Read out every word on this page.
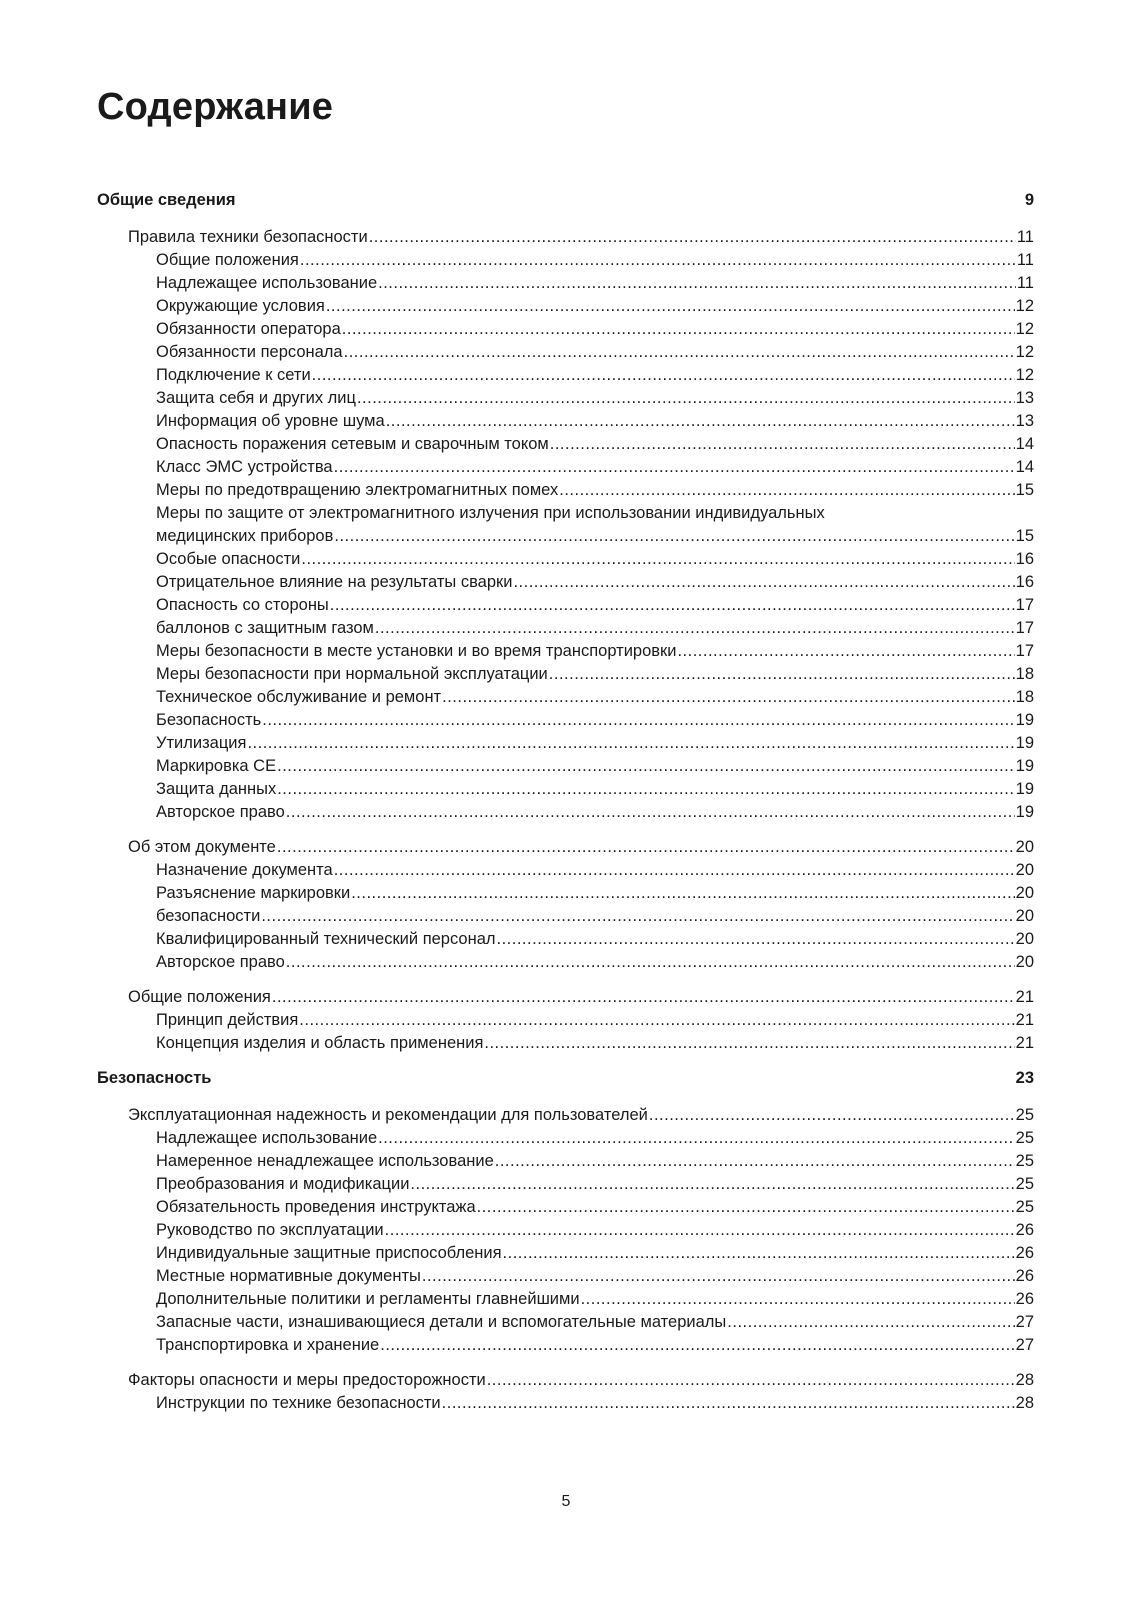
Содержание
Общие сведения	9
Правила техники безопасности .....	11
Общие положения .....	11
Надлежащее использование .....	11
Окружающие условия .....	12
Обязанности оператора .....	12
Обязанности персонала .....	12
Подключение к сети .....	12
Защита себя и других лиц .....	13
Информация об уровне шума .....	13
Опасность поражения сетевым и сварочным током .....	14
Класс ЭМС устройства .....	14
Меры по предотвращению электромагнитных помех .....	15
Меры по защите от электромагнитного излучения при использовании индивидуальных
медицинских приборов .....	15
Особые опасности .....	16
Отрицательное влияние на результаты сварки .....	16
Опасность со стороны .....	17
баллонов с защитным газом .....	17
Меры безопасности в месте установки и во время транспортировки .....	17
Меры безопасности при нормальной эксплуатации .....	18
Техническое обслуживание и ремонт .....	18
Безопасность .....	19
Утилизация .....	19
Маркировка CE .....	19
Защита данных .....	19
Авторское право .....	19
Об этом документе .....	20
Назначение документа .....	20
Разъяснение маркировки .....	20
безопасности .....	20
Квалифицированный технический персонал .....	20
Авторское право .....	20
Общие положения .....	21
Принцип действия .....	21
Концепция изделия и область применения .....	21
Безопасность	23
Эксплуатационная надежность и рекомендации для пользователей .....	25
Надлежащее использование .....	25
Намеренное ненадлежащее использование .....	25
Преобразования и модификации .....	25
Обязательность проведения инструктажа .....	25
Руководство по эксплуатации .....	26
Индивидуальные защитные приспособления .....	26
Местные нормативные документы .....	26
Дополнительные политики и регламенты главнейшими .....	26
Запасные части, изнашивающиеся детали и вспомогательные материалы .....	27
Транспортировка и хранение .....	27
Факторы опасности и меры предосторожности .....	28
Инструкции по технике безопасности .....	28
5
